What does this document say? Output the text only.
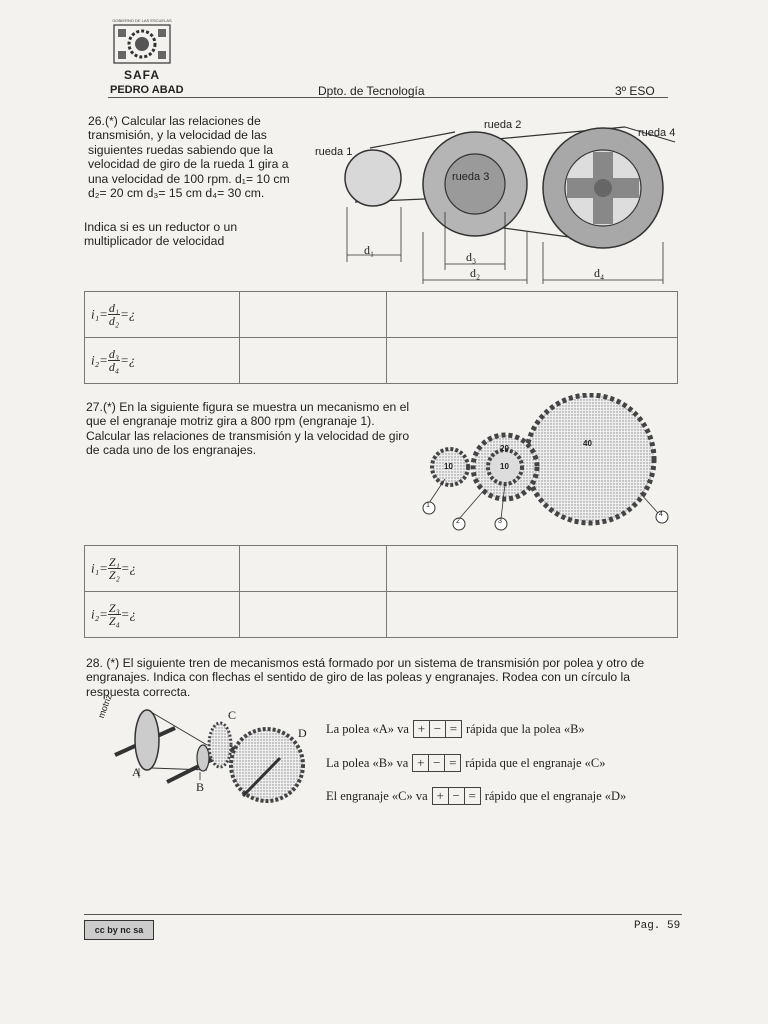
GOBIERNO DE LAS ESCUELAS
SAFA
PEDRO ABAD	Dpto. de Tecnología	3º ESO
26.(*) Calcular las relaciones de transmisión, y la velocidad de las siguientes ruedas sabiendo que la velocidad de giro de la rueda 1 gira a una velocidad de 100 rpm. d₁= 10 cm d₂= 20 cm d₃= 15 cm d₄= 30 cm.
Indica si es un reductor o un multiplicador de velocidad
rueda 1
rueda 2
rueda 3
rueda 4
d₁	d₃
d₂	d₄
$i_1= \frac{\text{d₁}}{\text{d₂}}$ =¿		
$i_2= \frac{\text{d₃}}{\text{d₄}}$ =¿		
27.(*) En la siguiente figura se muestra un mecanismo en el que el engranaje motriz gira a 800 rpm (engranaje 1). Calcular las relaciones de transmisión y la velocidad de giro de cada uno de los engranajes.
10
20
10
40
1
2	3
4
$i_1= \frac{\text{Z₁}}{\text{Z₂}}$ =¿		
$i_2= \frac{\text{Z₃}}{\text{Z₄}}$ =¿		
28. (*) El siguiente tren de mecanismos está formado por un sistema de transmisión por polea y otro de engranajes. Indica con flechas el sentido de giro de las poleas y engranajes. Rodea con un círculo la respuesta correcta.
motriz
A
B
C
D La polea «A» va + − = rápida que la polea «B»
La polea «B» va + − = rápida que el engranaje «C»
El engranaje «C» va + − = rápido que el engranaje «D»
cc by nc sa	Pag. 59
